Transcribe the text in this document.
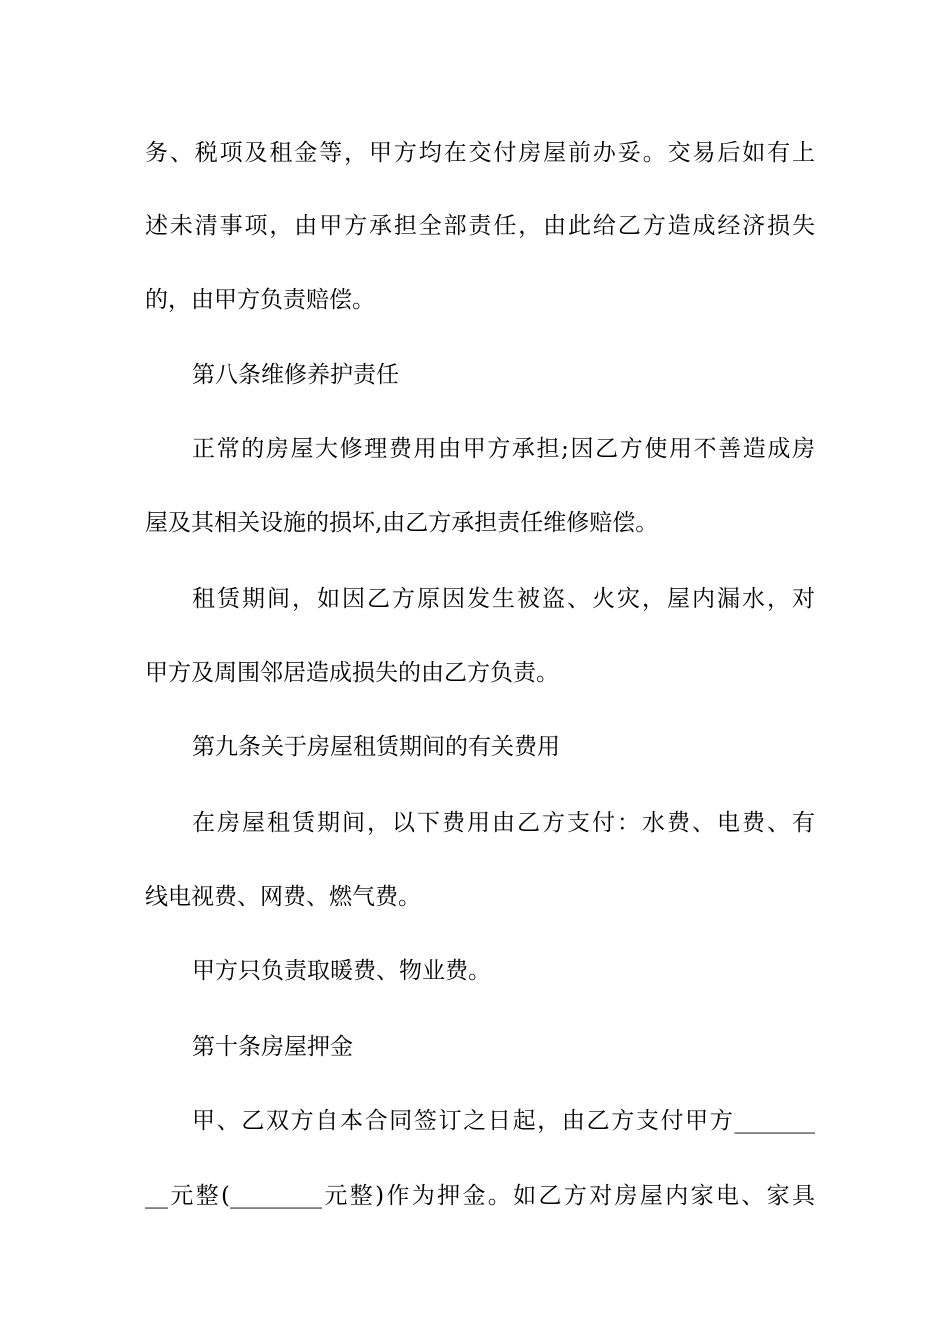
务、税项及租金等，甲方均在交付房屋前办妥。交易后如有上
述未清事项，由甲方承担全部责任，由此给乙方造成经济损失
的，由甲方负责赔偿。
第八条维修养护责任
正常的房屋大修理费用由甲方承担;因乙方使用不善造成房
屋及其相关设施的损坏,由乙方承担责任维修赔偿。
租赁期间，如因乙方原因发生被盗、火灾，屋内漏水，对
甲方及周围邻居造成损失的由乙方负责。
第九条关于房屋租赁期间的有关费用
在房屋租赁期间，以下费用由乙方支付：水费、电费、有
线电视费、网费、燃气费。
甲方只负责取暖费、物业费。
第十条房屋押金
甲、乙双方自本合同签订之日起，由乙方支付甲方_______
__元整(________元整)作为押金。如乙方对房屋内家电、家具
